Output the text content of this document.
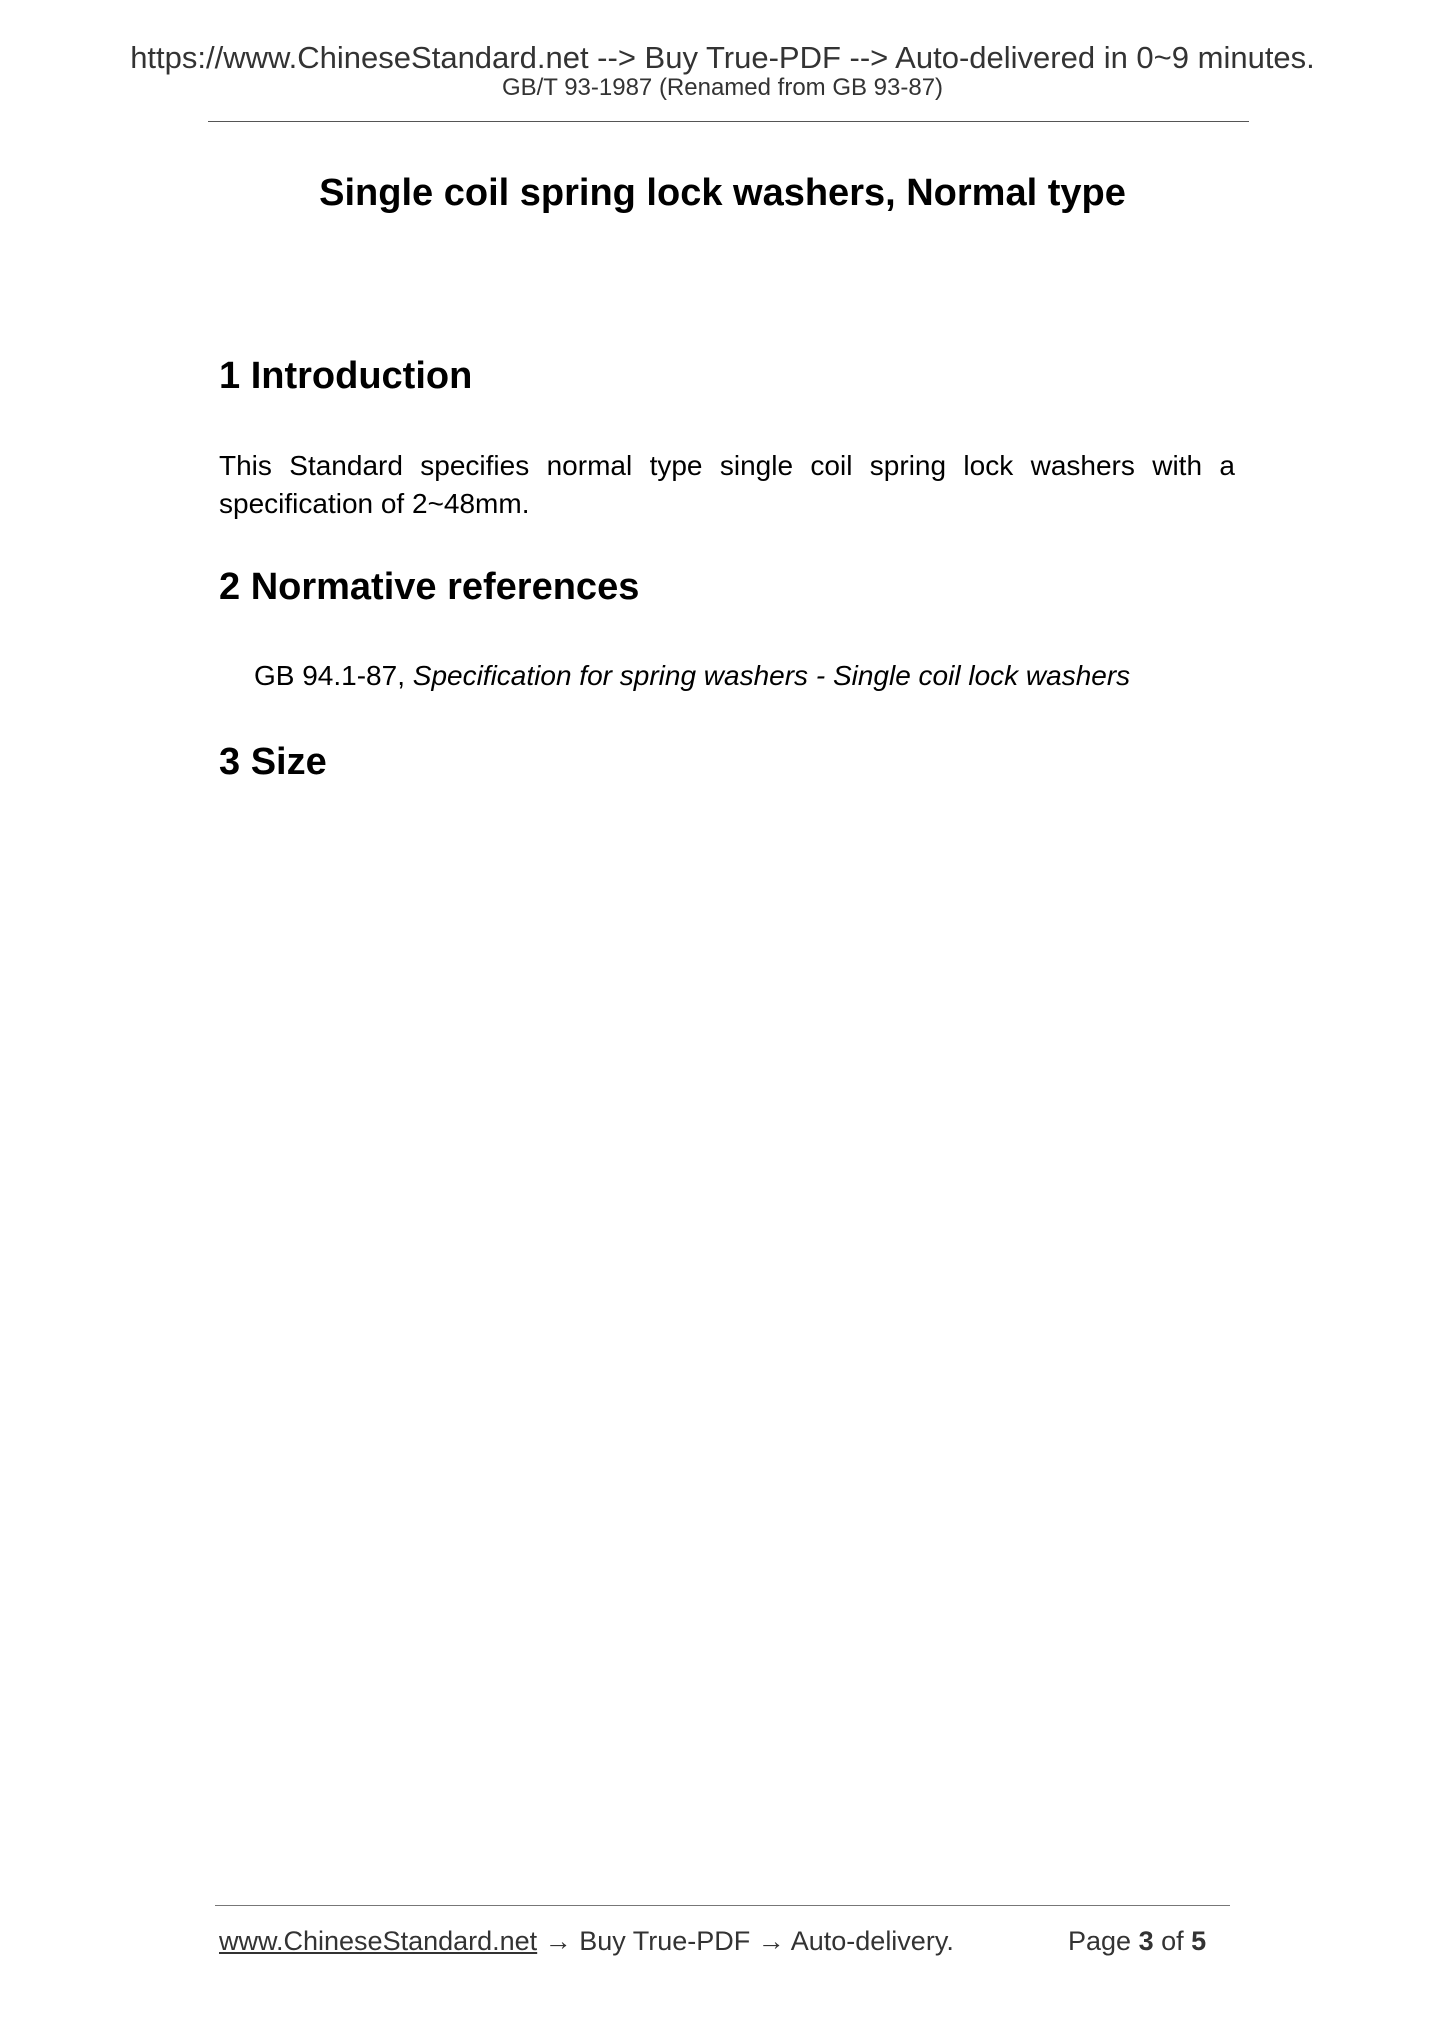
https://www.ChineseStandard.net --> Buy True-PDF --> Auto-delivered in 0~9 minutes.
GB/T 93-1987 (Renamed from GB 93-87)
Single coil spring lock washers, Normal type
1 Introduction

This Standard specifies normal type single coil spring lock washers with a specification of 2~48mm.

2 Normative references

GB 94.1-87, Specification for spring washers - Single coil lock washers

3 Size
www.ChineseStandard.net → Buy True-PDF → Auto-delivery.	Page 3 of 5
